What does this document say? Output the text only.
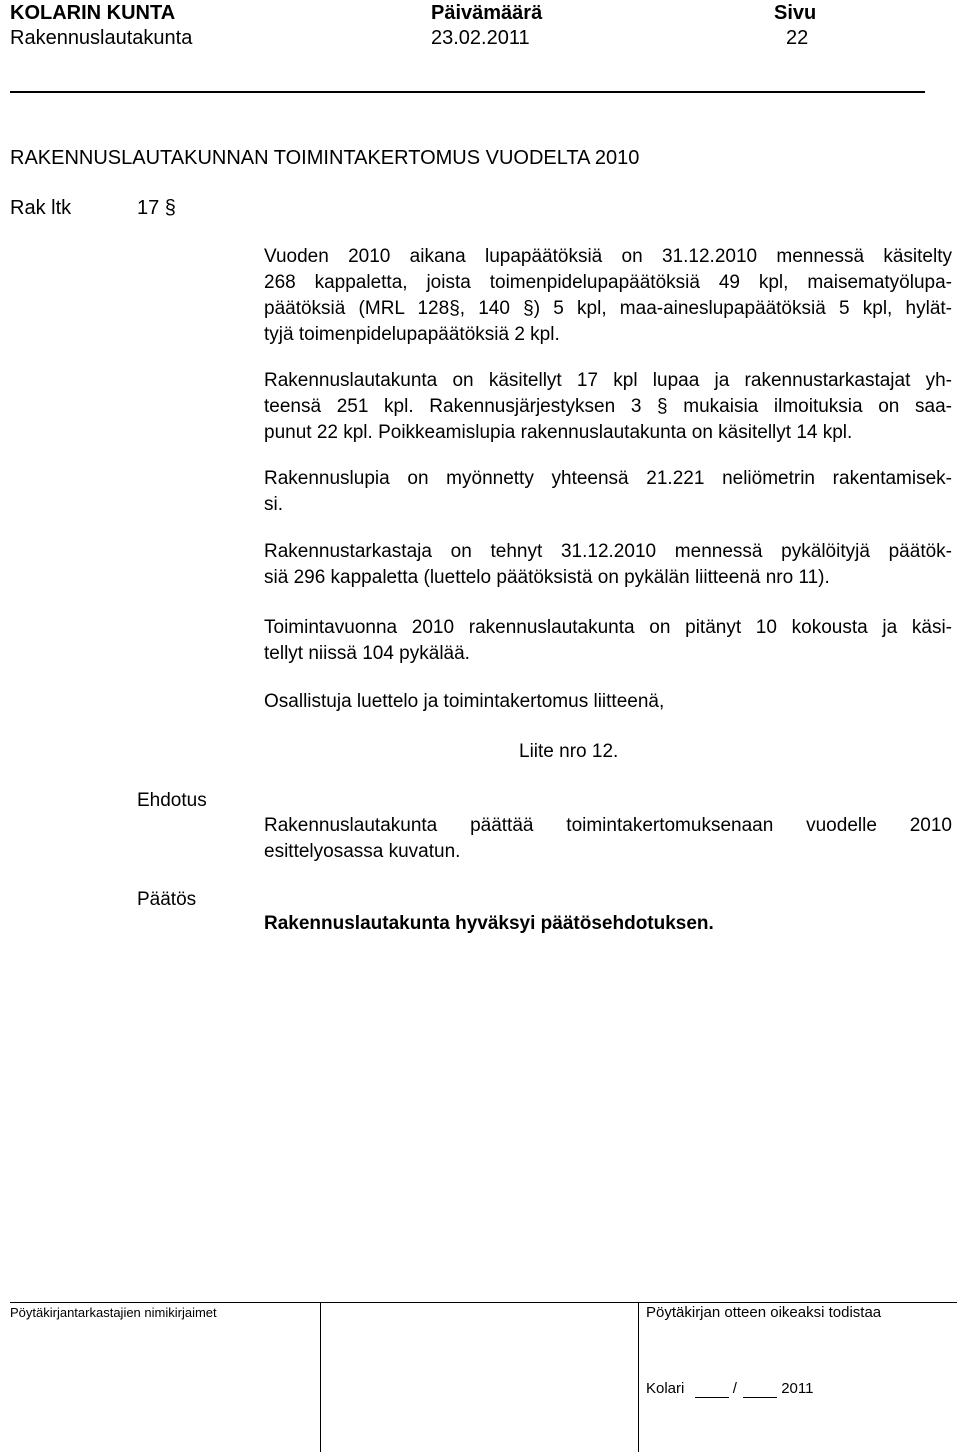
KOLARIN KUNTA
Rakennuslautakunta
Päivämäärä
23.02.2011
Sivu
22
RAKENNUSLAUTAKUNNAN TOIMINTAKERTOMUS VUODELTA 2010
Rak ltk	17 §
Vuoden 2010 aikana lupapäätöksiä on 31.12.2010 mennessä käsitelty
268 kappaletta, joista toimenpidelupapäätöksiä 49 kpl, maisematyölupa-
päätöksiä (MRL 128§, 140 §) 5 kpl, maa-aineslupapäätöksiä 5 kpl, hylät-
tyjä toimenpidelupapäätöksiä 2 kpl.
Rakennuslautakunta on käsitellyt 17 kpl lupaa ja rakennustarkastajat yh-
teensä 251 kpl. Rakennusjärjestyksen 3 § mukaisia ilmoituksia on saa-
punut 22 kpl. Poikkeamislupia rakennuslautakunta on käsitellyt 14 kpl.
Rakennuslupia on myönnetty yhteensä 21.221 neliömetrin rakentamisek-
si.
Rakennustarkastaja on tehnyt 31.12.2010 mennessä pykälöityjä päätök-
siä 296 kappaletta (luettelo päätöksistä on pykälän liitteenä nro 11).
Toimintavuonna 2010 rakennuslautakunta on pitänyt 10 kokousta ja käsi-
tellyt niissä 104 pykälää.
Osallistuja luettelo ja toimintakertomus liitteenä,
Liite nro 12.
Ehdotus
Rakennuslautakunta päättää toimintakertomuksenaan vuodelle 2010
esittelyosassa kuvatun.
Päätös
Rakennuslautakunta hyväksyi päätösehdotuksen.
Pöytäkirjantarkastajien nimikirjaimet	Pöytäkirjan otteen oikeaksi todistaa
Kolari	/	2011
